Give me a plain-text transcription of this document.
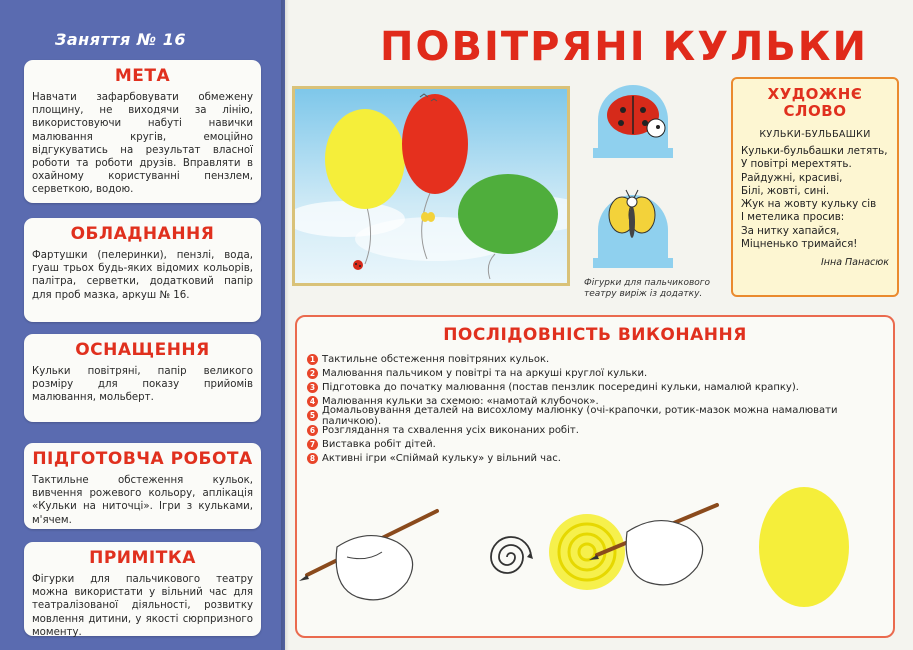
Заняття № 16
МЕТА

Навчати зафарбовувати обмежену площину, не виходячи за лінію, використовуючи набуті навички малювання кругів, емоційно відгукуватись на результат власної роботи та роботи друзів. Вправляти в охайному користуванні пензлем, серветкою, водою.

ОБЛАДНАННЯ

Фартушки (пелеринки), пензлі, вода, гуаш трьох будь-яких відомих кольорів, палітра, серветки, додатковий папір для проб мазка, аркуш № 16.

ОСНАЩЕННЯ

Кульки повітряні, папір великого розміру для показу прийомів малювання, мольберт.

ПІДГОТОВЧА РОБОТА

Тактильне обстеження кульок, вивчення рожевого кольору, аплікація «Кульки на ниточці». Ігри з кульками, м'ячем.

ПРИМІТКА

Фігурки для пальчикового театру можна використати у вільний час для театралізованої діяльності, розвитку мовлення дитини, у якості сюрпризного моменту.

ПОВІТРЯНІ КУЛЬКИ
Фігурки для пальчикового театру виріж із додатку.
ХУДОЖНЄ
СЛОВО
КУЛЬКИ-БУЛЬБАШКИ
Кульки-бульбашки летять,
У повітрі мерехтять.
Райдужні, красиві,
Білі, жовті, сині.
Жук на жовту кульку сів
І метелика просив:
За нитку хапайся,
Міцненько тримайся!
Інна Панасюк
ПОСЛІДОВНІСТЬ ВИКОНАННЯ
1 Тактильне обстеження повітряних кульок.
2 Малювання пальчиком у повітрі та на аркуші круглої кульки.
3 Підготовка до початку малювання (постав пензлик посередині кульки, намалюй крапку).
4 Малювання кульки за схемою: «намотай клубочок».
5 Домальовування деталей на висохлому малюнку (очі-крапочки, ротик-мазок можна намалювати паличкою).
6 Розглядання та схвалення усіх виконаних робіт.
7 Виставка робіт дітей.
8 Активні ігри «Спіймай кульку» у вільний час.
